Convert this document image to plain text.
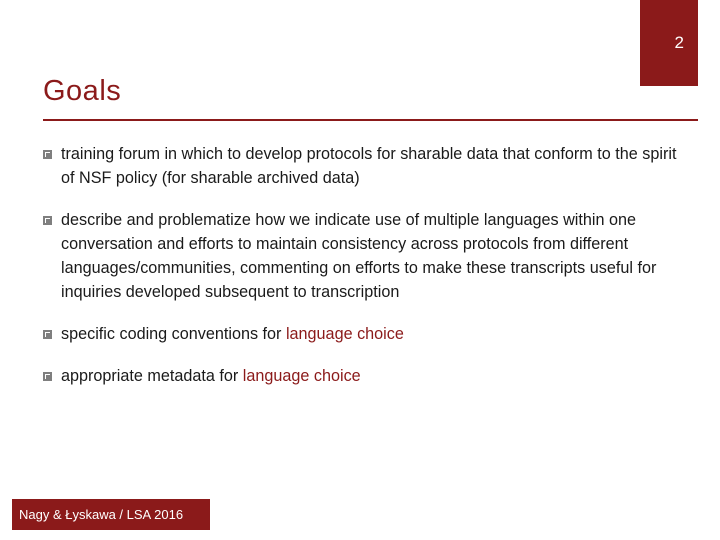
2
Goals
training forum in which to develop protocols for sharable data that conform to the spirit of NSF policy (for sharable archived data)
describe and problematize how we indicate use of multiple languages within one conversation and efforts to maintain consistency across protocols from different languages/communities, commenting on efforts to make these transcripts useful for inquiries developed subsequent to transcription
specific coding conventions for language choice
appropriate metadata for language choice
Nagy & Łyskawa / LSA 2016
